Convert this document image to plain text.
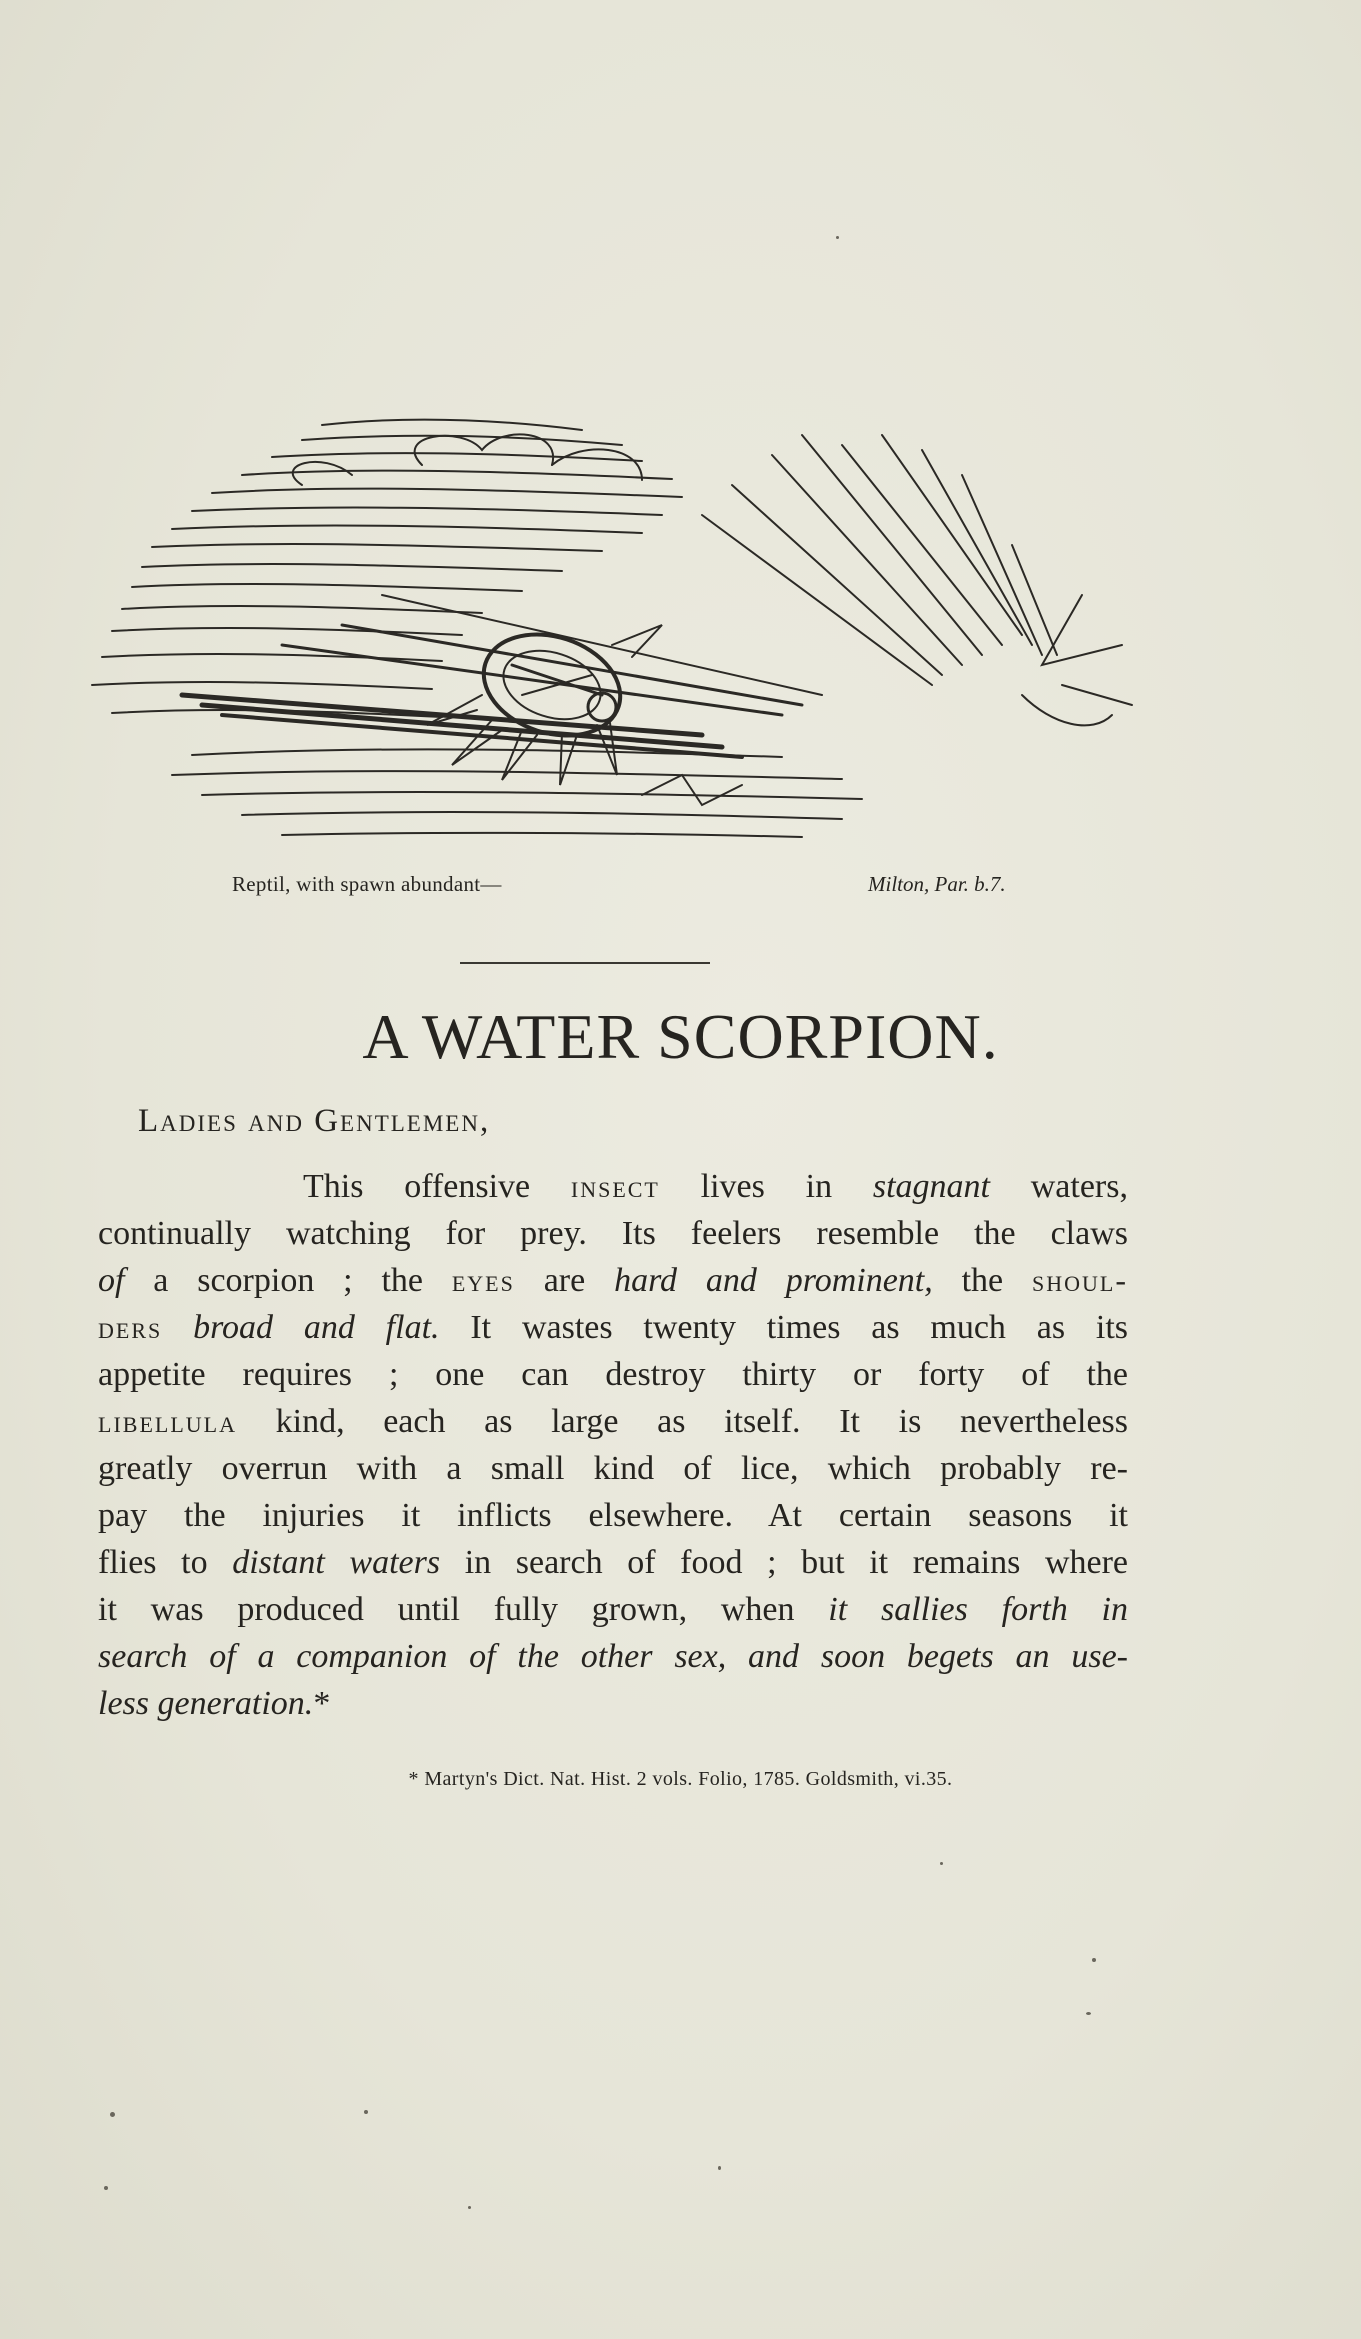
Reptil, with spawn abundant—	Milton, Par. b.7.
A WATER SCORPION.
Ladies and Gentlemen,
This offensive insect lives in stagnant waters,
continually watching for prey. Its feelers resemble the claws
of a scorpion ; the eyes are hard and prominent, the shoul-
ders broad and flat. It wastes twenty times as much as its
appetite requires ; one can destroy thirty or forty of the
libellula kind, each as large as itself. It is nevertheless
greatly overrun with a small kind of lice, which probably re-
pay the injuries it inflicts elsewhere. At certain seasons it
flies to distant waters in search of food ; but it remains where
it was produced until fully grown, when it sallies forth in
search of a companion of the other sex, and soon begets an use-
less generation.*
* Martyn's Dict. Nat. Hist. 2 vols. Folio, 1785. Goldsmith, vi.35.
